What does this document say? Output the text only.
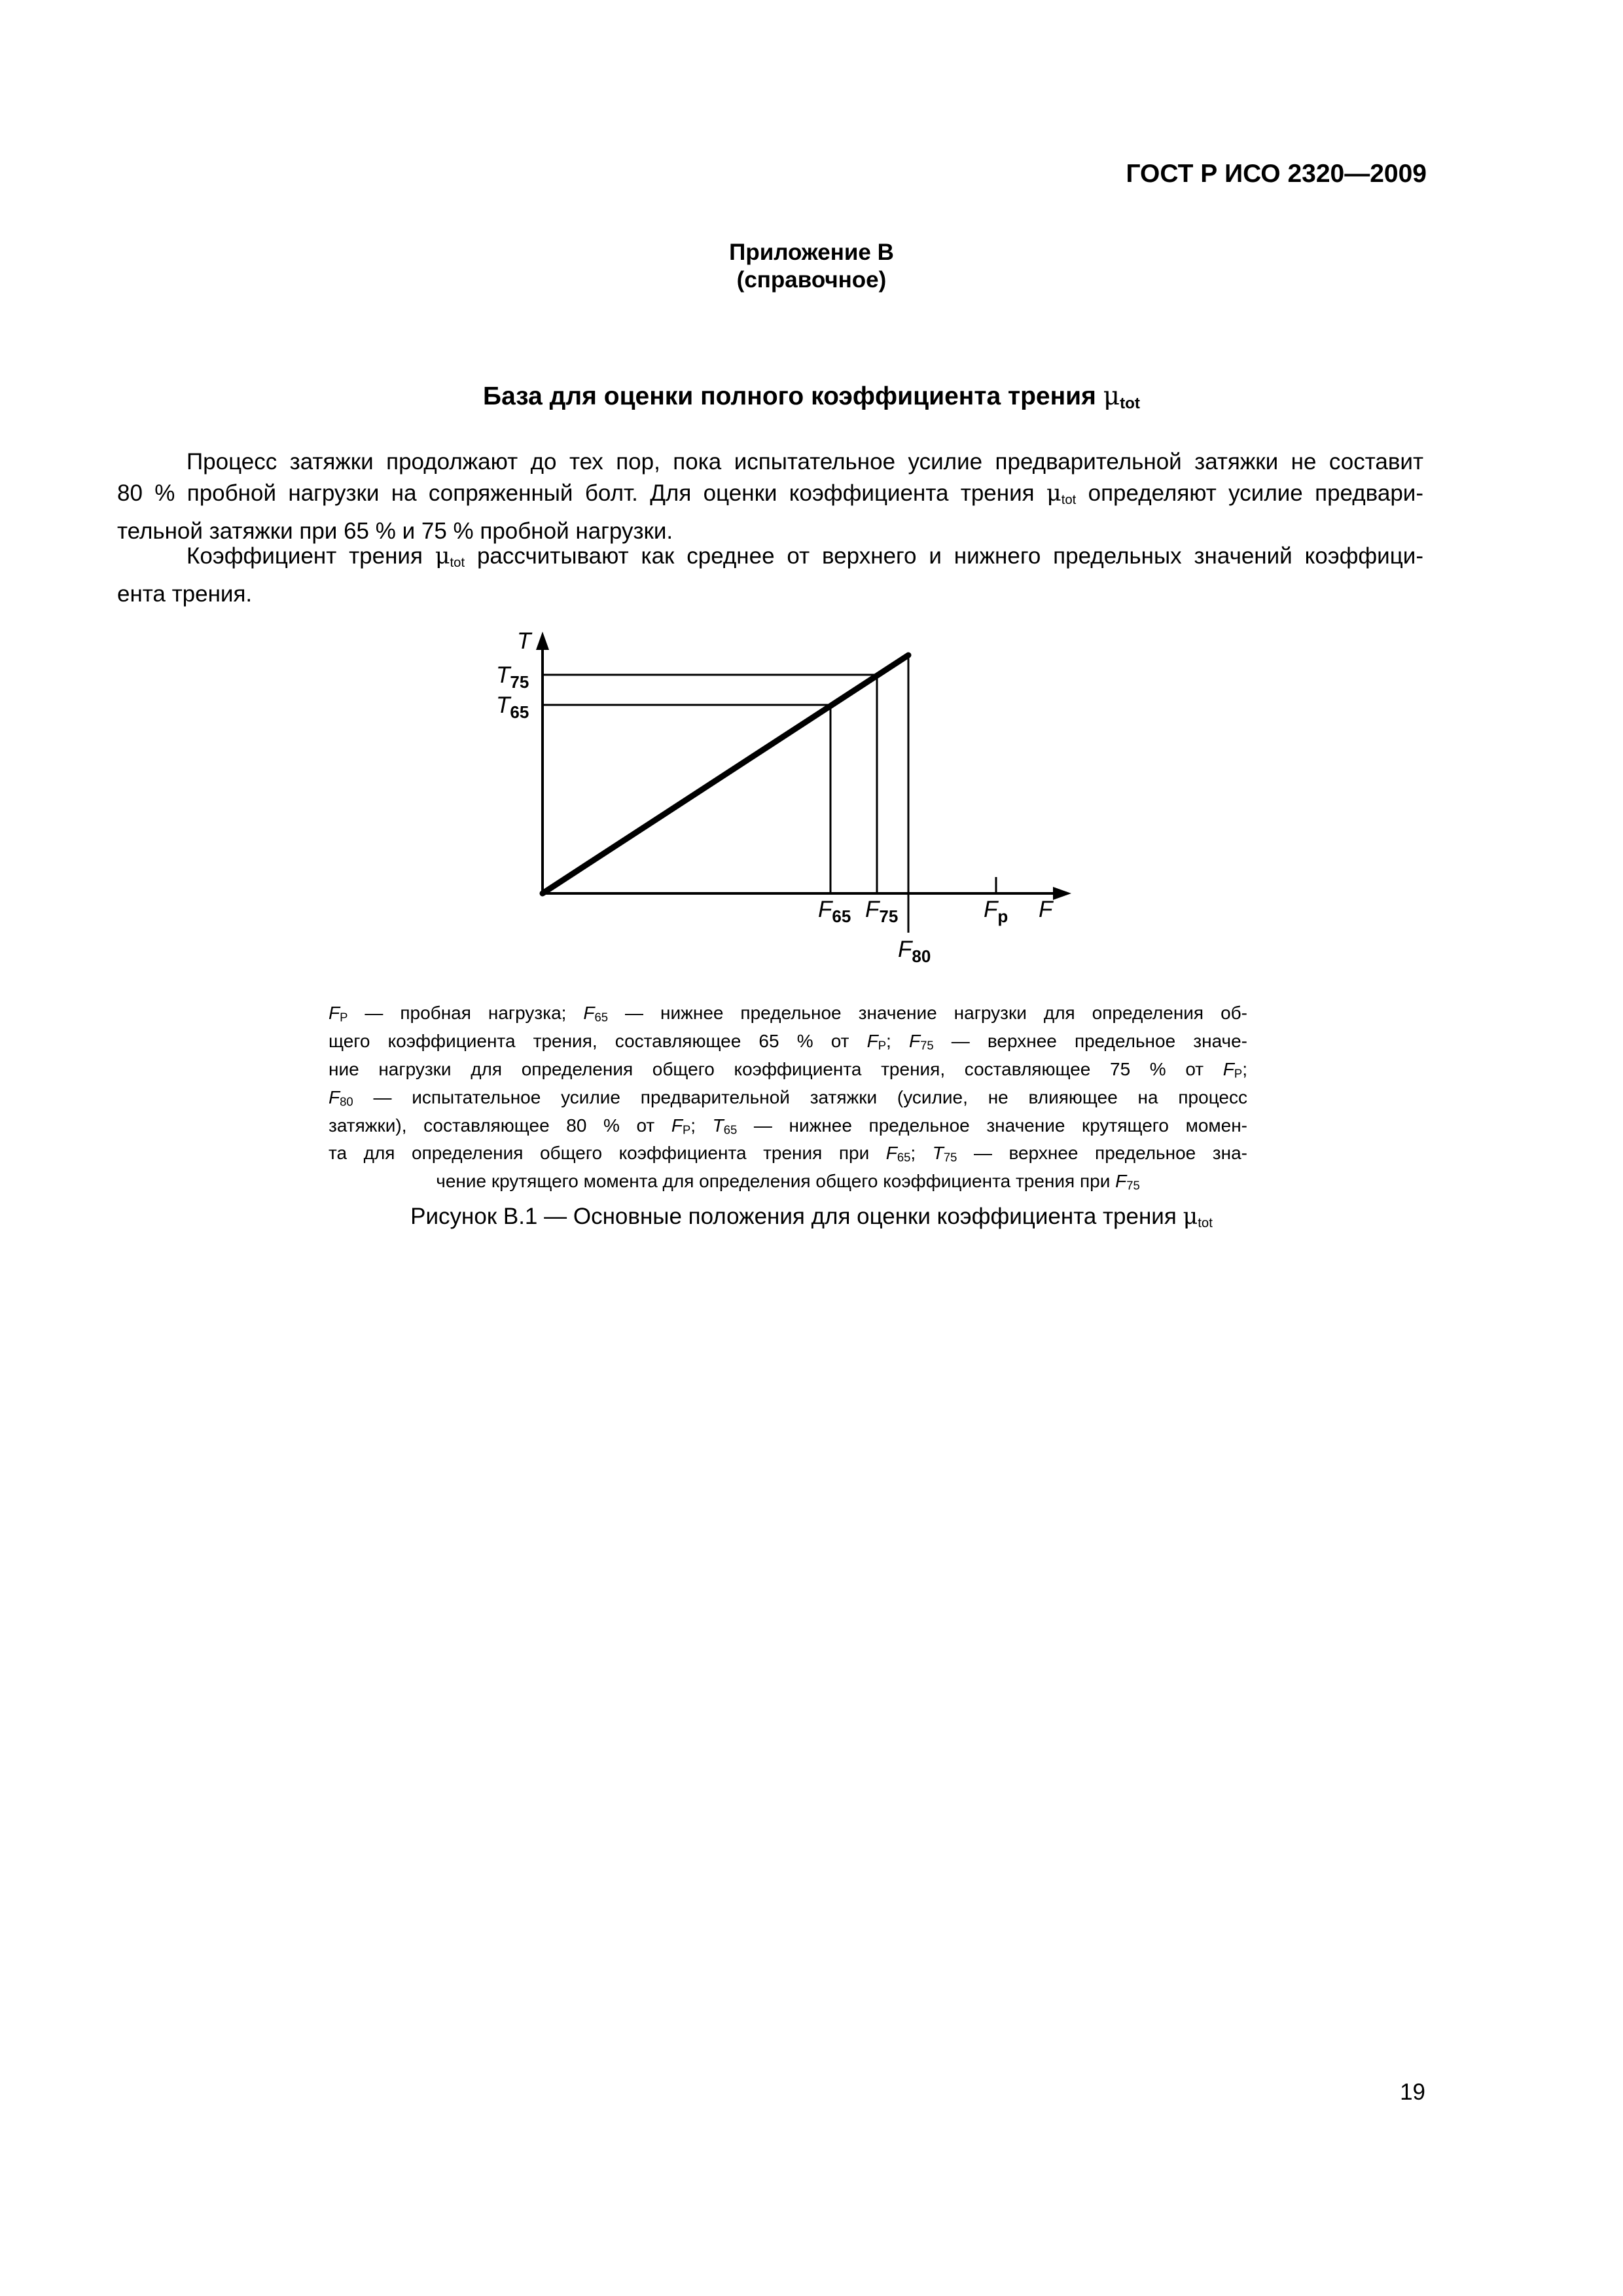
ГОСТ Р ИСО 2320—2009
Приложение В
(справочное)
База для оценки полного коэффициента трения μtot
Процесс затяжки продолжают до тех пор, пока испытательное усилие предварительной затяжки не составит
80 % пробной нагрузки на сопряженный болт. Для оценки коэффициента трения $\mu_{tot}$ определяют усилие предвари-
тельной затяжки при 65 % и 75 % пробной нагрузки.
Коэффициент трения $\mu_{tot}$ рассчитывают как среднее от верхнего и нижнего предельных значений коэффици-
ента трения.
T
$T_{75}$
$T_{65}$
$F_{65}$ $F_{75}$
$F_{80}$
$F_p$ F
FP — пробная нагрузка; F65 — нижнее предельное значение нагрузки для определения об-
щего коэффициента трения, составляющее 65 % от FP; F75 — верхнее предельное значе-
ние нагрузки для определения общего коэффициента трения, составляющее 75 % от FP;
F80 — испытательное усилие предварительной затяжки (усилие, не влияющее на процесс
затяжки), составляющее 80 % от FP; T65 — нижнее предельное значение крутящего момен-
та для определения общего коэффициента трения при F65; T75 — верхнее предельное зна-
чение крутящего момента для определения общего коэффициента трения при F75
Рисунок В.1 — Основные положения для оценки коэффициента трения $\mu_{tot}$
19
